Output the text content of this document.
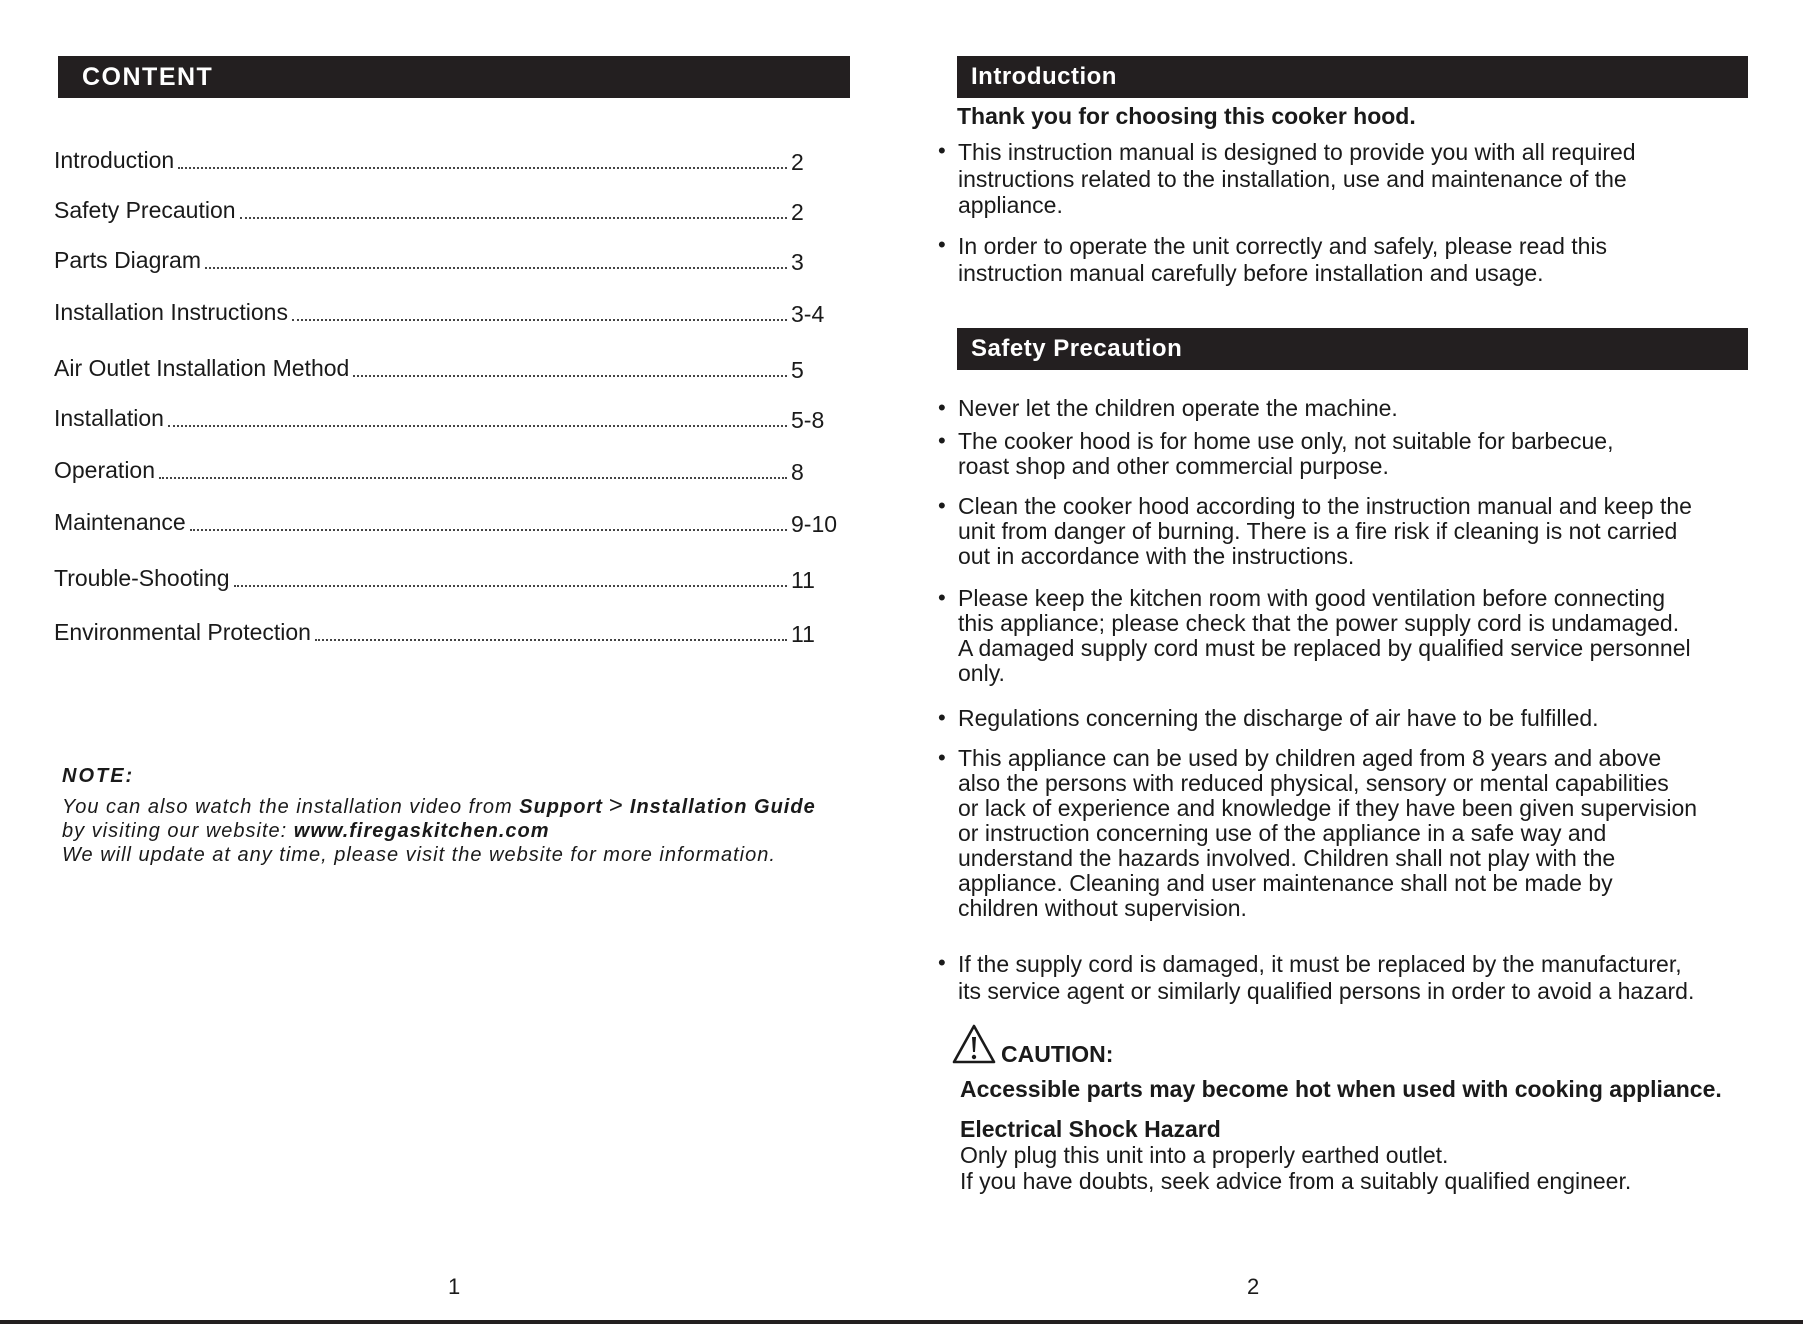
CONTENT
Introduction	2
Safety Precaution	2
Parts Diagram	3
Installation Instructions	3-4
Air Outlet Installation Method	5
Installation	5-8
Operation	8
Maintenance	9-10
Trouble-Shooting	11
Environmental Protection	11
NOTE:
You can also watch the installation video from Support > Installation Guide
by visiting our website: www.firegaskitchen.com
We will update at any time, please visit the website for more information.
1
Introduction
Thank you for choosing this cooker hood.
• This instruction manual is designed to provide you with all required
instructions related to the installation, use and maintenance of the
appliance.
• In order to operate the unit correctly and safely, please read this
instruction manual carefully before installation and usage.
Safety Precaution
• Never let the children operate the machine.
• The cooker hood is for home use only, not suitable for barbecue,
roast shop and other commercial purpose.
• Clean the cooker hood according to the instruction manual and keep the
unit from danger of burning. There is a fire risk if cleaning is not carried
out in accordance with the instructions.
• Please keep the kitchen room with good ventilation before connecting
this appliance; please check that the power supply cord is undamaged.
A damaged supply cord must be replaced by qualified service personnel
only.
• Regulations concerning the discharge of air have to be fulfilled.
• This appliance can be used by children aged from 8 years and above
also the persons with reduced physical, sensory or mental capabilities
or lack of experience and knowledge if they have been given supervision
or instruction concerning use of the appliance in a safe way and
understand the hazards involved. Children shall not play with the
appliance. Cleaning and user maintenance shall not be made by
children without supervision.
• If the supply cord is damaged, it must be replaced by the manufacturer,
its service agent or similarly qualified persons in order to avoid a hazard.
CAUTION:
Accessible parts may become hot when used with cooking appliance.
Electrical Shock Hazard
Only plug this unit into a properly earthed outlet.
If you have doubts, seek advice from a suitably qualified engineer.
2
